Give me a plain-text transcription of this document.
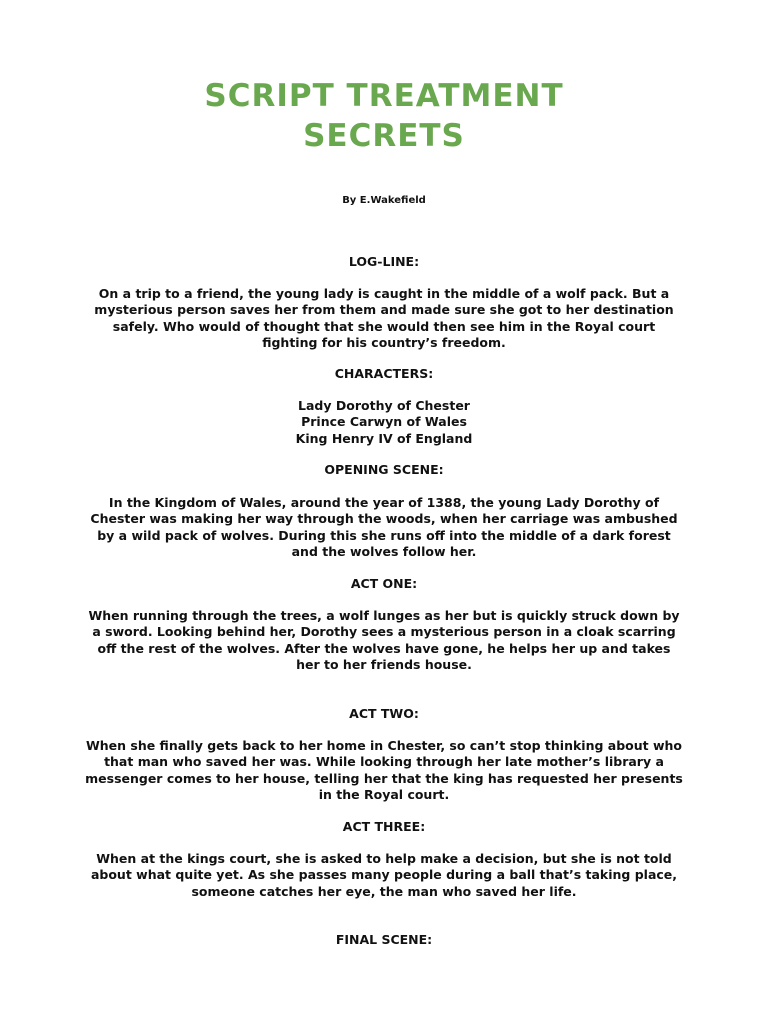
SCRIPT TREATMENT
SECRETS
By E.Wakefield
LOG-LINE:
On a trip to a friend, the young lady is caught in the middle of a wolf pack. But a mysterious person saves her from them and made sure she got to her destination safely. Who would of thought that she would then see him in the Royal court fighting for his country’s freedom.
CHARACTERS:
Lady Dorothy of Chester
Prince Carwyn of Wales
King Henry IV of England
OPENING SCENE:
In the Kingdom of Wales, around the year of 1388, the young Lady Dorothy of Chester was making her way through the woods, when her carriage was ambushed by a wild pack of wolves. During this she runs off into the middle of a dark forest and the wolves follow her.
ACT ONE:
When running through the trees, a wolf lunges as her but is quickly struck down by a sword. Looking behind her, Dorothy sees a mysterious person in a cloak scarring off the rest of the wolves. After the wolves have gone, he helps her up and takes her to her friends house.
ACT TWO:
When she finally gets back to her home in Chester, so can’t stop thinking about who that man who saved her was. While looking through her late mother’s library a messenger comes to her house, telling her that the king has requested her presents in the Royal court.
ACT THREE:
When at the kings court, she is asked to help make a decision, but she is not told about what quite yet. As she passes many people during a ball that’s taking place, someone catches her eye, the man who saved her life.
FINAL SCENE:
